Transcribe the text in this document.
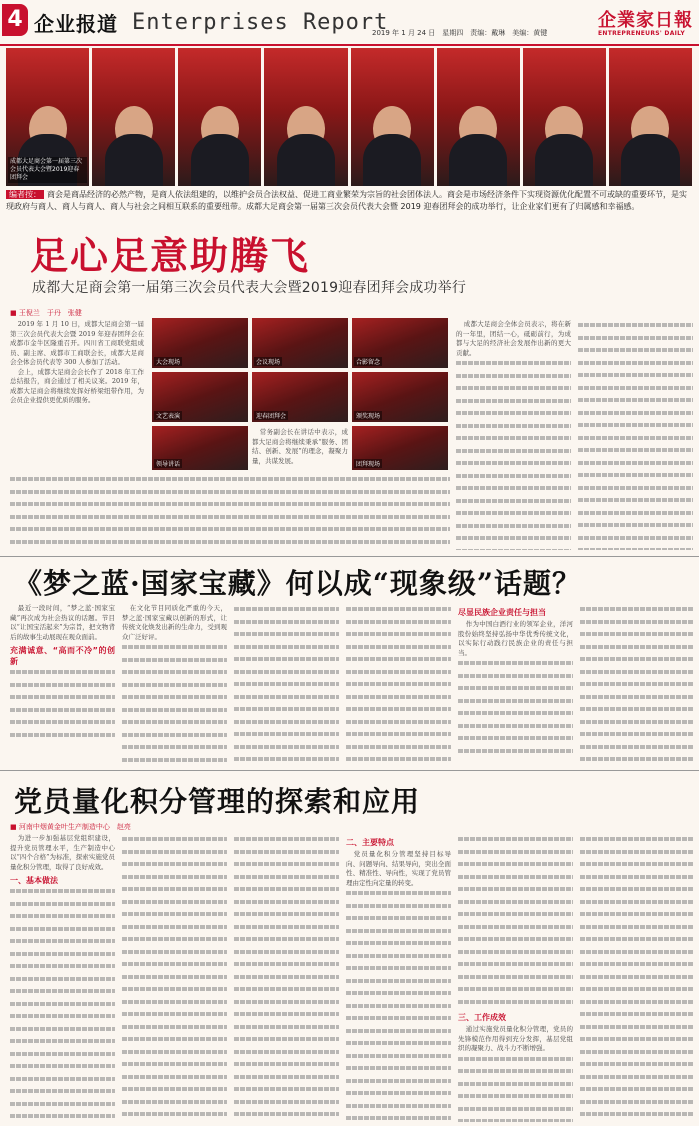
4 企业报道 Enterprises Report
2019 年 1 月 24 日　星期四　责编：戴琳　美编：黄键
企業家日報
ENTREPRENEURS' DAILY
成都大足商会第一届第三次会员代表大会暨2019迎春团拜会
编者按： 商会是商品经济的必然产物，是商人依法组建的，以维护会员合法权益、促进工商业繁荣为宗旨的社会团体法人。商会是市场经济条件下实现资源优化配置不可或缺的重要环节，是实现政府与商人、商人与商人、商人与社会之间相互联系的重要纽带。成都大足商会第一届第三次会员代表大会暨 2019 迎春团拜会的成功举行，让企业家们更有了归属感和幸福感。
足心足意助腾飞
成都大足商会第一届第三次会员代表大会暨2019迎春团拜会成功举行
■ 王倪兰　于丹　张健

2019 年 1 月 10 日，成都大足商会第一届第三次会员代表大会暨 2019 年迎春团拜会在成都市金牛区隆重召开。四川省工商联党组成员、副主席、成都市工商联会长，成都大足商会全体会员代表等 300 人参加了活动。

会上，成都大足商会会长作了 2018 年工作总结报告，商会通过了相关议案。2019 年，成都大足商会将继续发挥好桥梁纽带作用，为会员企业提供更优质的服务。

大会现场	会议现场	合影留念
文艺表演	迎春团拜会	颁奖现场
领导讲话	团拜现场

常务副会长在讲话中表示，成都大足商会将继续秉承“服务、团结、创新、发展”的理念，凝聚力量，共谋发展。

成都大足商会全体会员表示，将在新的一年里，团结一心，砥砺前行，为成都与大足的经济社会发展作出新的更大贡献。

《梦之蓝·国家宝藏》何以成“现象级”话题？

最近一段时间，“梦之蓝·国家宝藏”再次成为社会热议的话题。节目以“让国宝活起来”为宗旨，把文物背后的故事生动展现在观众面前。

充满诚意、“高而不冷”的创新

在文化节目同质化严重的今天，梦之蓝·国家宝藏以创新的形式，让传统文化焕发出新的生命力，受到观众广泛好评。

尽显民族企业责任与担当

作为中国白酒行业的领军企业，洋河股份始终坚持弘扬中华优秀传统文化，以实际行动践行民族企业的责任与担当。

党员量化积分管理的探索和应用
■ 河南中烟黄金叶生产制造中心　赵亮

为进一步加强基层党组织建设，提升党员管理水平，生产制造中心以“四个合格”为标准，探索实施党员量化积分管理，取得了良好成效。

一、基本做法
二、主要特点

党员量化积分管理坚持目标导向、问题导向、结果导向，突出全面性、精准性、导向性，实现了党员管理由定性向定量的转变。

三、工作成效

通过实施党员量化积分管理，党员的先锋模范作用得到充分发挥，基层党组织的凝聚力、战斗力不断增强。
